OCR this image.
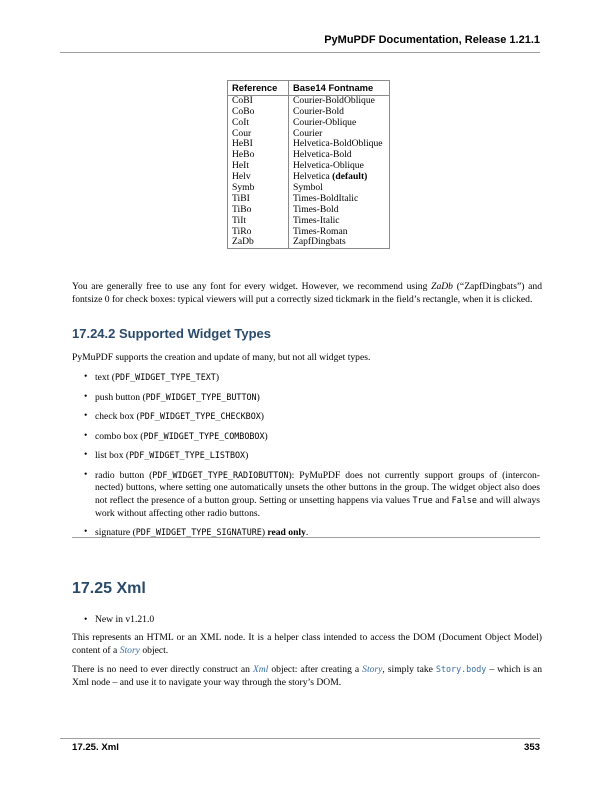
PyMuPDF Documentation, Release 1.21.1
Reference	Base14 Fontname
CoBI	Courier-BoldOblique
CoBo	Courier-Bold
CoIt	Courier-Oblique
Cour	Courier
HeBI	Helvetica-BoldOblique
HeBo	Helvetica-Bold
HeIt	Helvetica-Oblique
Helv	Helvetica (default)
Symb	Symbol
TiBI	Times-BoldItalic
TiBo	Times-Bold
TiIt	Times-Italic
TiRo	Times-Roman
ZaDb	ZapfDingbats
You are generally free to use any font for every widget. However, we recommend using ZaDb (“ZapfDingbats”) and fontsize 0 for check boxes: typical viewers will put a correctly sized tickmark in the field’s rectangle, when it is clicked.
17.24.2 Supported Widget Types
PyMuPDF supports the creation and update of many, but not all widget types.
• text (PDF_WIDGET_TYPE_TEXT)
• push button (PDF_WIDGET_TYPE_BUTTON)
• check box (PDF_WIDGET_TYPE_CHECKBOX)
• combo box (PDF_WIDGET_TYPE_COMBOBOX)
• list box (PDF_WIDGET_TYPE_LISTBOX)
• radio button (PDF_WIDGET_TYPE_RADIOBUTTON): PyMuPDF does not currently support groups of (intercon-nected) buttons, where setting one automatically unsets the other buttons in the group. The widget object also does not reflect the presence of a button group. Setting or unsetting happens via values True and False and will always work without affecting other radio buttons.
• signature (PDF_WIDGET_TYPE_SIGNATURE) read only.
17.25 Xml
• New in v1.21.0
This represents an HTML or an XML node. It is a helper class intended to access the DOM (Document Object Model) content of a Story object.
There is no need to ever directly construct an Xml object: after creating a Story, simply take Story.body – which is an Xml node – and use it to navigate your way through the story’s DOM.
17.25. Xml	353
